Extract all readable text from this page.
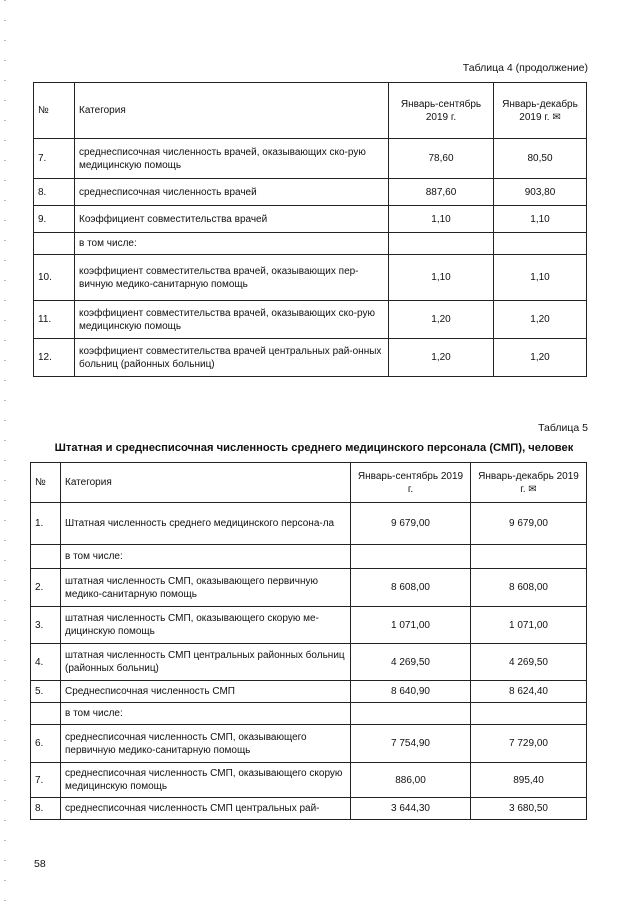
Таблица 4 (продолжение)
№	Категория	Январь-сентябрь 2019 г.	Январь-декабрь 2019 г. ✉
7.	среднесписочная численность врачей, оказывающих ско-рую медицинскую помощь	78,60	80,50
8.	среднесписочная численность врачей	887,60	903,80
9.	Коэффициент совместительства врачей	1,10	1,10
	в том числе:		
10.	коэффициент совместительства врачей, оказывающих пер-вичную медико-санитарную помощь	1,10	1,10
11.	коэффициент совместительства врачей, оказывающих ско-рую медицинскую помощь	1,20	1,20
12.	коэффициент совместительства врачей центральных рай-онных больниц (районных больниц)	1,20	1,20
Таблица 5
Штатная и среднесписочная численность среднего медицинского персонала (СМП), человек
№	Категория	Январь-сентябрь 2019 г.	Январь-декабрь 2019 г. ✉
1.	Штатная численность среднего медицинского персона-ла	9 679,00	9 679,00
	в том числе:		
2.	штатная численность СМП, оказывающего первичную медико-санитарную помощь	8 608,00	8 608,00
3.	штатная численность СМП, оказывающего скорую ме-дицинскую помощь	1 071,00	1 071,00
4.	штатная численность СМП центральных районных больниц (районных больниц)	4 269,50	4 269,50
5.	Среднесписочная численность СМП	8 640,90	8 624,40
	в том числе:		
6.	среднесписочная численность СМП, оказывающего первичную медико-санитарную помощь	7 754,90	7 729,00
7.	среднесписочная численность СМП, оказывающего скорую медицинскую помощь	886,00	895,40
8.	среднесписочная численность СМП центральных рай-	3 644,30	3 680,50
58
